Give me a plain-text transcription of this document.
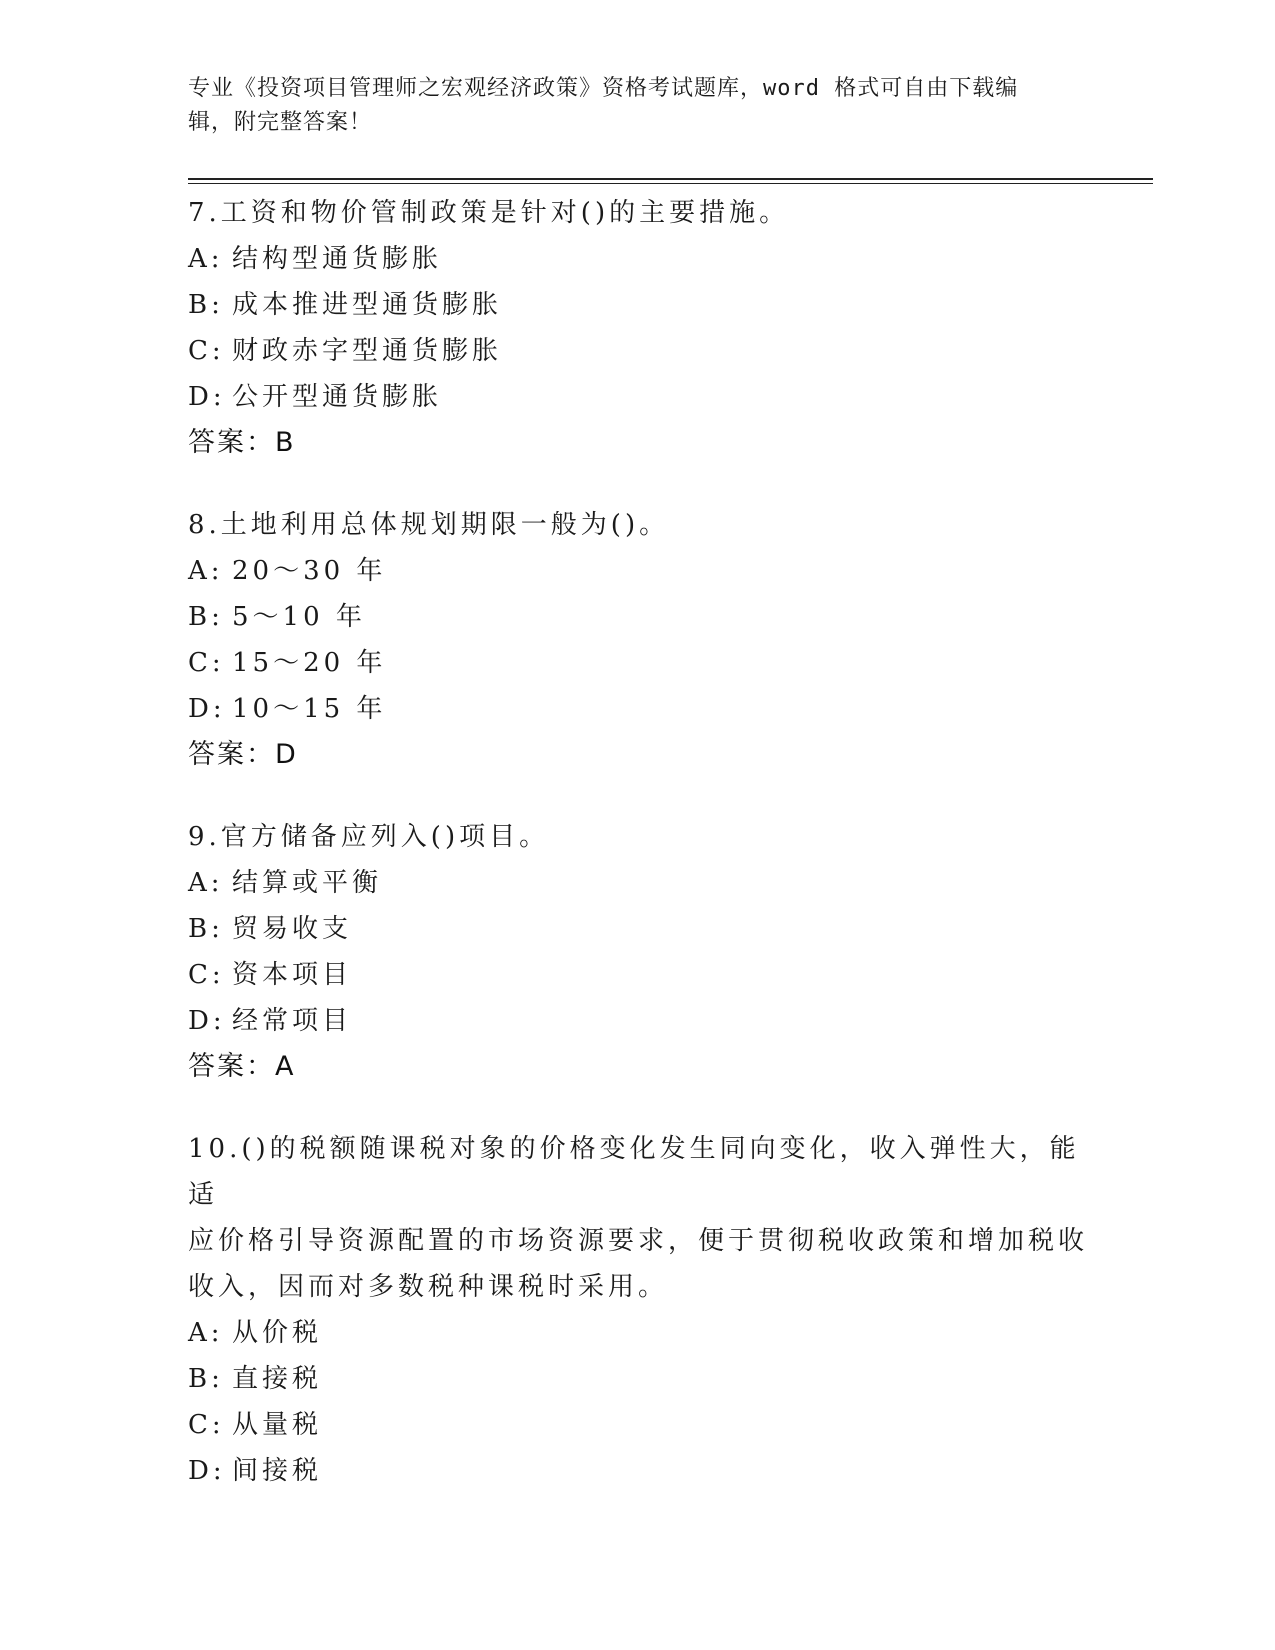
专业《投资项目管理师之宏观经济政策》资格考试题库，word 格式可自由下载编
辑，附完整答案！
7.工资和物价管制政策是针对()的主要措施。
A: 结构型通货膨胀
B: 成本推进型通货膨胀
C: 财政赤字型通货膨胀
D: 公开型通货膨胀
答案：B
8.土地利用总体规划期限一般为()。
A: 20～30 年
B: 5～10 年
C: 15～20 年
D: 10～15 年
答案：D
9.官方储备应列入()项目。
A: 结算或平衡
B: 贸易收支
C: 资本项目
D: 经常项目
答案：A
10.()的税额随课税对象的价格变化发生同向变化，收入弹性大，能适
应价格引导资源配置的市场资源要求，便于贯彻税收政策和增加税收
收入，因而对多数税种课税时采用。
A: 从价税
B: 直接税
C: 从量税
D: 间接税
